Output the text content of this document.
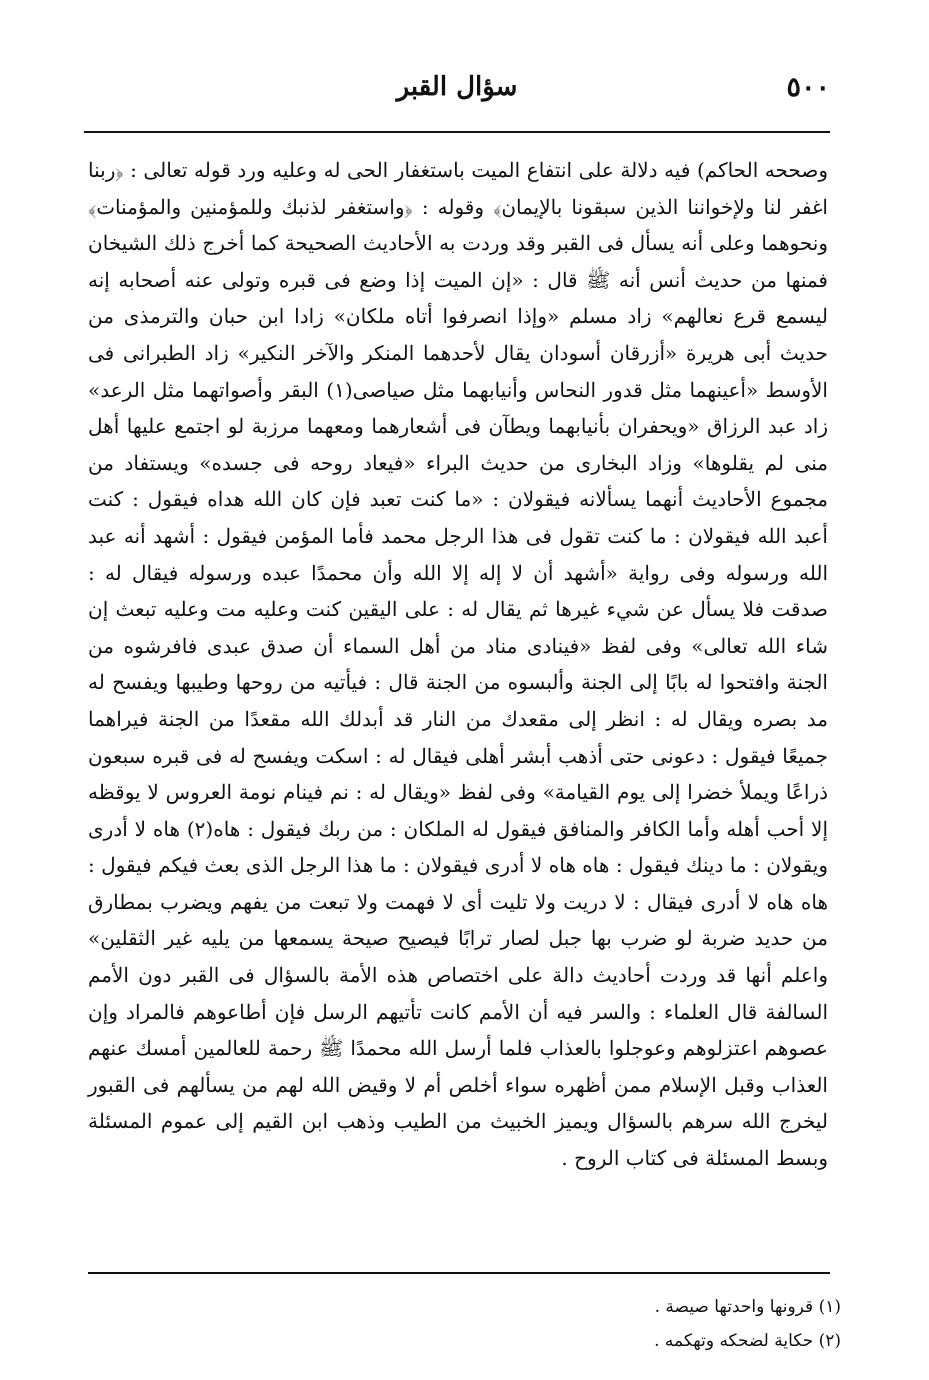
٥٠٠
سؤال القبر

وصححه الحاكم) فيه دلالة على انتفاع الميت باستغفار الحى له وعليه ورد قوله تعالى : ﴿ربنا اغفر لنا ولإخواننا الذين سبقونا بالإيمان﴾ وقوله : ﴿واستغفر لذنبك وللمؤمنين والمؤمنات﴾ ونحوهما وعلى أنه يسأل فى القبر وقد وردت به الأحاديث الصحيحة كما أخرج ذلك الشيخان فمنها من حديث أنس أنه ﷺ قال : «إن الميت إذا وضع فى قبره وتولى عنه أصحابه إنه ليسمع قرع نعالهم» زاد مسلم «وإذا انصرفوا أتاه ملكان» زادا ابن حبان والترمذى من حديث أبى هريرة «أزرقان أسودان يقال لأحدهما المنكر والآخر النكير» زاد الطبرانى فى الأوسط «أعينهما مثل قدور النحاس وأنيابهما مثل صياصى(١) البقر وأصواتهما مثل الرعد» زاد عبد الرزاق «ويحفران بأنيابهما ويطآن فى أشعارهما ومعهما مرزبة لو اجتمع عليها أهل منى لم يقلوها» وزاد البخارى من حديث البراء «فيعاد روحه فى جسده» ويستفاد من مجموع الأحاديث أنهما يسألانه فيقولان : «ما كنت تعبد فإن كان الله هداه فيقول : كنت أعبد الله فيقولان : ما كنت تقول فى هذا الرجل محمد فأما المؤمن فيقول : أشهد أنه عبد الله ورسوله وفى رواية «أشهد أن لا إله إلا الله وأن محمدًا عبده ورسوله فيقال له : صدقت فلا يسأل عن شيء غيرها ثم يقال له : على اليقين كنت وعليه مت وعليه تبعث إن شاء الله تعالى» وفى لفظ «فينادى مناد من أهل السماء أن صدق عبدى فافرشوه من الجنة وافتحوا له بابًا إلى الجنة وألبسوه من الجنة قال : فيأتيه من روحها وطيبها ويفسح له مد بصره ويقال له : انظر إلى مقعدك من النار قد أبدلك الله مقعدًا من الجنة فيراهما جميعًا فيقول : دعونى حتى أذهب أبشر أهلى فيقال له : اسكت ويفسح له فى قبره سبعون ذراعًا ويملأ خضرا إلى يوم القيامة» وفى لفظ «ويقال له : نم فينام نومة العروس لا يوقظه إلا أحب أهله وأما الكافر والمنافق فيقول له الملكان : من ربك فيقول : هاه(٢) هاه لا أدرى ويقولان : ما دينك فيقول : هاه هاه لا أدرى فيقولان : ما هذا الرجل الذى بعث فيكم فيقول : هاه هاه لا أدرى فيقال : لا دريت ولا تليت أى لا فهمت ولا تبعت من يفهم ويضرب بمطارق من حديد ضربة لو ضرب بها جبل لصار ترابًا فيصيح صيحة يسمعها من يليه غير الثقلين» واعلم أنها قد وردت أحاديث دالة على اختصاص هذه الأمة بالسؤال فى القبر دون الأمم السالفة قال العلماء : والسر فيه أن الأمم كانت تأتيهم الرسل فإن أطاعوهم فالمراد وإن عصوهم اعتزلوهم وعوجلوا بالعذاب فلما أرسل الله محمدًا ﷺ رحمة للعالمين أمسك عنهم العذاب وقبل الإسلام ممن أظهره سواء أخلص أم لا وقيض الله لهم من يسألهم فى القبور ليخرج الله سرهم بالسؤال ويميز الخبيث من الطيب وذهب ابن القيم إلى عموم المسئلة وبسط المسئلة فى كتاب الروح .

(١) قرونها واحدتها صيصة .
(٢) حكاية لضحكه وتهكمه .
